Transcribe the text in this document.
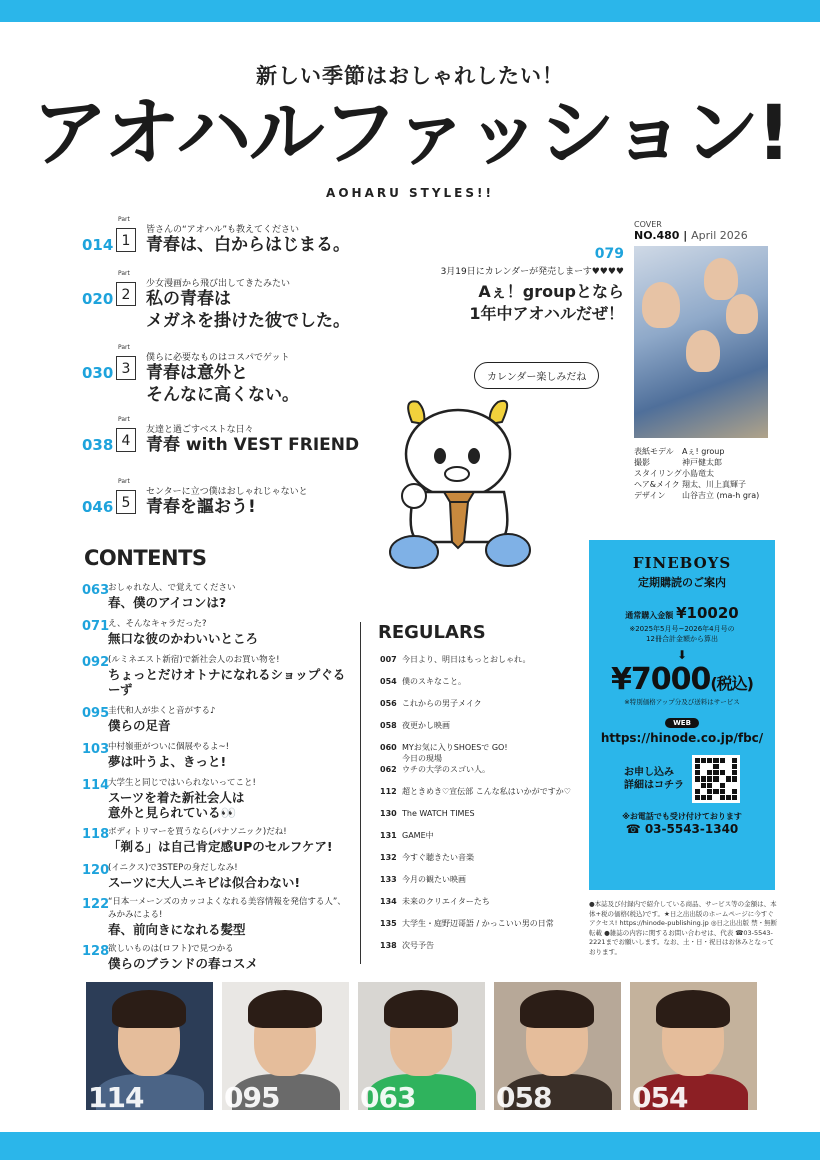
新しい季節はおしゃれしたい！
アオハルファッション!
AOHARU STYLES!!
014
Part
1
皆さんの“アオハル”も教えてください
青春は、白からはじまる。
020
Part
2
少女漫画から飛び出してきたみたい
私の青春は
メガネを掛けた彼でした。
030
Part
3
僕らに必要なものはコスパでゲット
青春は意外と
そんなに高くない。
038
Part
4
友達と過ごすベストな日々
青春 with VEST FRIEND
046
Part
5
センターに立つ僕はおしゃれじゃないと
青春を謳おう!
COVER
NO.480 | April 2026
表紙モデル	Aぇ! group
撮影	神戸健太郎
スタイリング 小島竜太
ヘア&メイク 翔太、川上真輝子
デザイン	山谷吉立 (ma-h gra)
079
3月19日にカレンダーが発売しまーす♥♥♥♥
Aぇ！groupとなら
1年中アオハルだぜ！
カレンダー楽しみだね
CONTENTS
063
おしゃれな人、で覚えてください
春、僕のアイコンは?
071
え、そんなキャラだった?
無口な彼のかわいいところ
092
(ルミネエスト新宿)で新社会人のお買い物を!
ちょっとだけオトナになれるショップぐるーず
095
圭代和人が歩くと音がする♪
僕らの足音
103
中村嶺亜がついに個展やるよ~!
夢は叶うよ、きっと!
114
大学生と同じではいられないってこと!
スーツを着た新社会人は
意外と見られている👀
118
ボディトリマーを買うなら(パナソニック)だね!
「剃る」は自己肯定感UPのセルフケア!
120
(イニクス)で3STEPの身だしなみ!
スーツに大人ニキビは似合わない!
122
“日本一メーンズのカッコよくなれる美容情報を発信する人”、
みかみによる!
春、前向きになれる髪型
128
欲しいものは(ロフト)で見つかる
僕らのブランドの春コスメ
REGULARS
007 今日より、明日はもっとおしゃれ。
054 僕のスキなこと。
056 これからの男子メイク
058 夜更かし映画
060 MYお気に入りSHOESで GO!
今日の現場
062 ウチの大学のスゴい人。
112 超ときめき♡宣伝部 こんな私はいかがですか♡
130 The WATCH TIMES
131 GAME中
132 今すぐ聴きたい音楽
133 今月の観たい映画
134 未来のクリエイターたち
135 大学生・庭野辺哥語 / かっこいい男の日常
138 次号予告
FINEBOYS
定期購読のご案内
通常購入金額 ¥10020
※2025年5月号~2026年4月号の
12冊合計金額から算出
⬇
¥7000(税込)
※特別価格アップ分及び送料はサービス
WEB
https://hinode.co.jp/fbc/
お申し込み
詳細はコチラ
※お電話でも受け付けております
☎ 03-5543-1340
●本誌及び付録内で紹介している商品、サービス等の金額は、本体+税の価格(税込)です。★日之出出版のホームページに今すぐアクセス! https://hinode-publishing.jp ◎日之出出版 禁・無断転載 ●雑誌の内容に関するお問い合わせは、代表 ☎03-5543-2221までお願いします。なお、土・日・祝日はお休みとなっております。
114	095	063	058	054
